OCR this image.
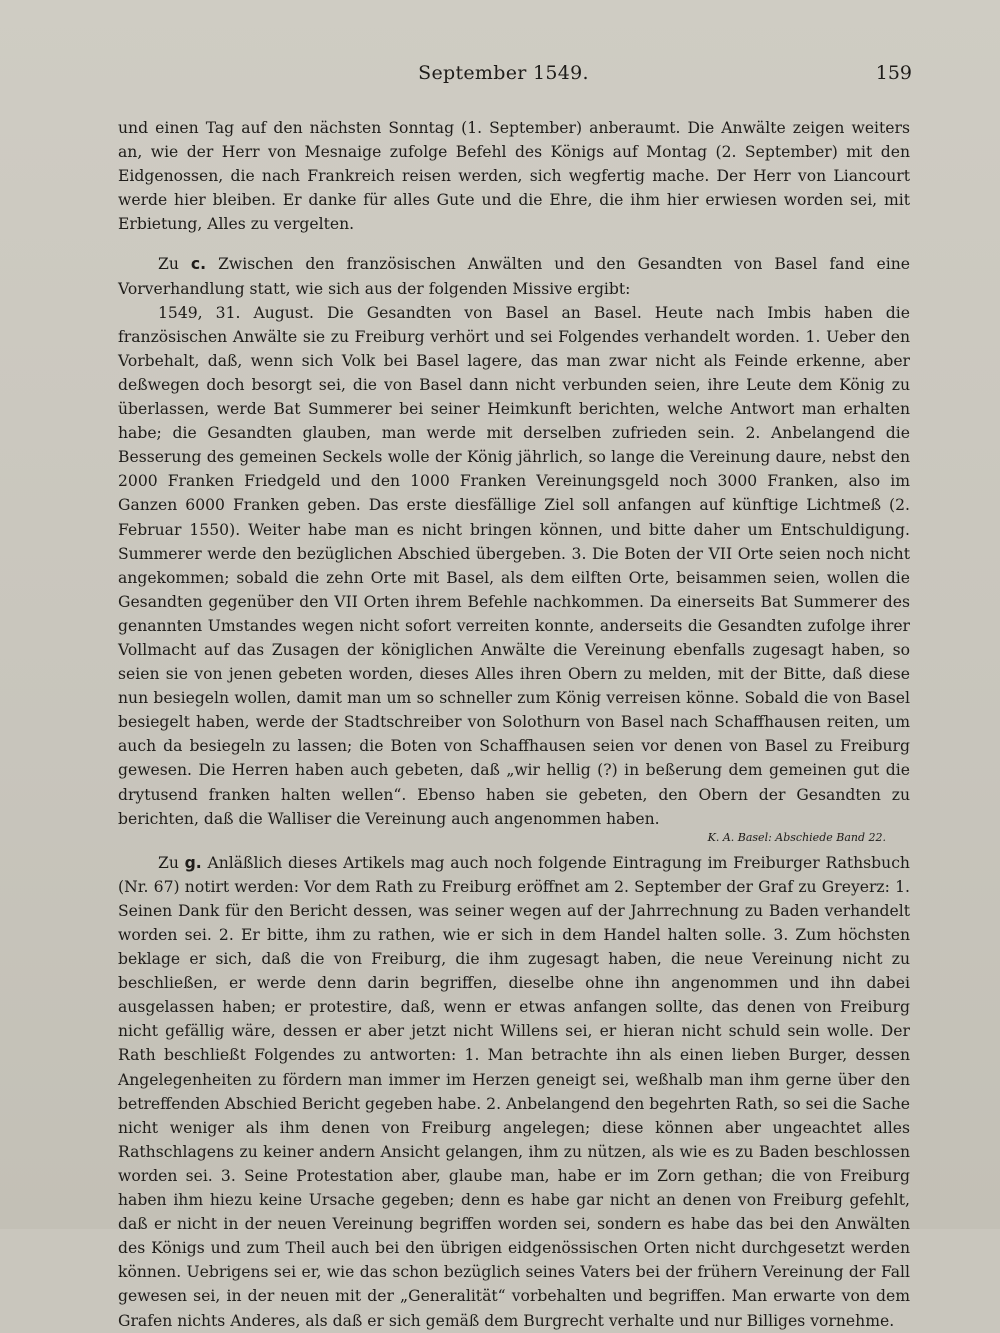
September 1549.	159

und einen Tag auf den nächsten Sonntag (1. September) anberaumt. Die Anwälte zeigen weiters an, wie der Herr von Mesnaige zufolge Befehl des Königs auf Montag (2. September) mit den Eidgenossen, die nach Frankreich reisen werden, sich wegfertig mache. Der Herr von Liancourt werde hier bleiben. Er danke für alles Gute und die Ehre, die ihm hier erwiesen worden sei, mit Erbietung, Alles zu vergelten.

Zu c. Zwischen den französischen Anwälten und den Gesandten von Basel fand eine Vorverhandlung statt, wie sich aus der folgenden Missive ergibt:

1549, 31. August. Die Gesandten von Basel an Basel. Heute nach Imbis haben die französischen Anwälte sie zu Freiburg verhört und sei Folgendes verhandelt worden. 1. Ueber den Vorbehalt, daß, wenn sich Volk bei Basel lagere, das man zwar nicht als Feinde erkenne, aber deßwegen doch besorgt sei, die von Basel dann nicht verbunden seien, ihre Leute dem König zu überlassen, werde Bat Summerer bei seiner Heimkunft berichten, welche Antwort man erhalten habe; die Gesandten glauben, man werde mit derselben zufrieden sein. 2. Anbelangend die Besserung des gemeinen Seckels wolle der König jährlich, so lange die Vereinung daure, nebst den 2000 Franken Friedgeld und den 1000 Franken Vereinungsgeld noch 3000 Franken, also im Ganzen 6000 Franken geben. Das erste diesfällige Ziel soll anfangen auf künftige Lichtmeß (2. Februar 1550). Weiter habe man es nicht bringen können, und bitte daher um Entschuldigung. Summerer werde den bezüglichen Abschied übergeben. 3. Die Boten der VII Orte seien noch nicht angekommen; sobald die zehn Orte mit Basel, als dem eilften Orte, beisammen seien, wollen die Gesandten gegenüber den VII Orten ihrem Befehle nachkommen. Da einerseits Bat Summerer des genannten Umstandes wegen nicht sofort verreiten konnte, anderseits die Gesandten zufolge ihrer Vollmacht auf das Zusagen der königlichen Anwälte die Vereinung ebenfalls zugesagt haben, so seien sie von jenen gebeten worden, dieses Alles ihren Obern zu melden, mit der Bitte, daß diese nun besiegeln wollen, damit man um so schneller zum König verreisen könne. Sobald die von Basel besiegelt haben, werde der Stadtschreiber von Solothurn von Basel nach Schaffhausen reiten, um auch da besiegeln zu lassen; die Boten von Schaffhausen seien vor denen von Basel zu Freiburg gewesen. Die Herren haben auch gebeten, daß „wir hellig (?) in beßerung dem gemeinen gut die drytusend franken halten wellen“. Ebenso haben sie gebeten, den Obern der Gesandten zu berichten, daß die Walliser die Vereinung auch angenommen haben.

K. A. Basel: Abschiede Band 22.

Zu g. Anläßlich dieses Artikels mag auch noch folgende Eintragung im Freiburger Rathsbuch (Nr. 67) notirt werden: Vor dem Rath zu Freiburg eröffnet am 2. September der Graf zu Greyerz: 1. Seinen Dank für den Bericht dessen, was seiner wegen auf der Jahrrechnung zu Baden verhandelt worden sei. 2. Er bitte, ihm zu rathen, wie er sich in dem Handel halten solle. 3. Zum höchsten beklage er sich, daß die von Freiburg, die ihm zugesagt haben, die neue Vereinung nicht zu beschließen, er werde denn darin begriffen, dieselbe ohne ihn angenommen und ihn dabei ausgelassen haben; er protestire, daß, wenn er etwas anfangen sollte, das denen von Freiburg nicht gefällig wäre, dessen er aber jetzt nicht Willens sei, er hieran nicht schuld sein wolle. Der Rath beschließt Folgendes zu antworten: 1. Man betrachte ihn als einen lieben Burger, dessen Angelegenheiten zu fördern man immer im Herzen geneigt sei, weßhalb man ihm gerne über den betreffenden Abschied Bericht gegeben habe. 2. Anbelangend den begehrten Rath, so sei die Sache nicht weniger als ihm denen von Freiburg angelegen; diese können aber ungeachtet alles Rathschlagens zu keiner andern Ansicht gelangen, ihm zu nützen, als wie es zu Baden beschlossen worden sei. 3. Seine Protestation aber, glaube man, habe er im Zorn gethan; die von Freiburg haben ihm hiezu keine Ursache gegeben; denn es habe gar nicht an denen von Freiburg gefehlt, daß er nicht in der neuen Vereinung begriffen worden sei, sondern es habe das bei den Anwälten des Königs und zum Theil auch bei den übrigen eidgenössischen Orten nicht durchgesetzt werden können. Uebrigens sei er, wie das schon bezüglich seines Vaters bei der frühern Vereinung der Fall gewesen sei, in der neuen mit der „Generalität“ vorbehalten und begriffen. Man erwarte von dem Grafen nichts Anderes, als daß er sich gemäß dem Burgrecht verhalte und nur Billiges vornehme.
